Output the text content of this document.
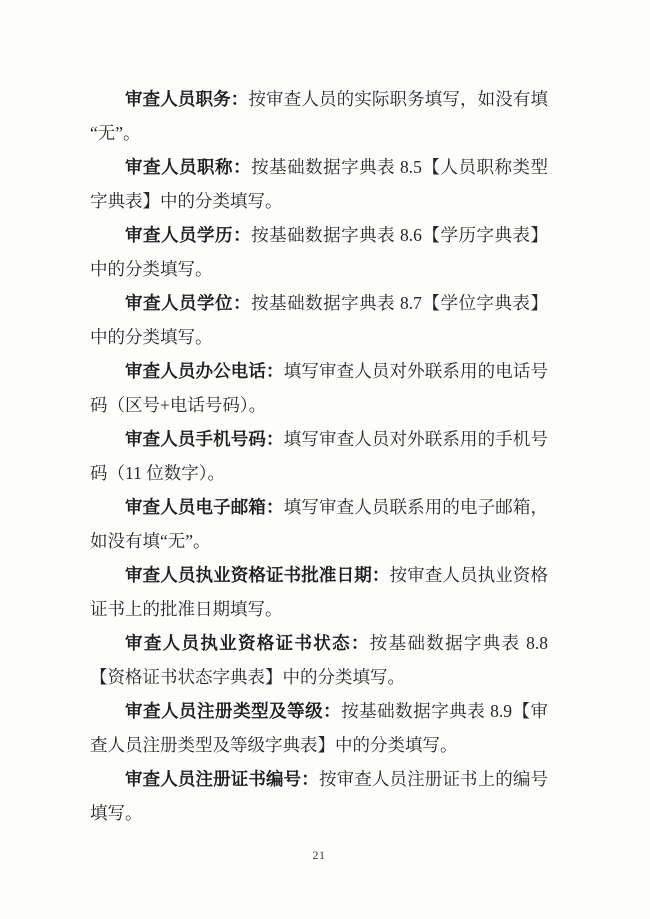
审查人员职务：按审查人员的实际职务填写，如没有填“无”。

审查人员职称：按基础数据字典表 8.5【人员职称类型字典表】中的分类填写。

审查人员学历：按基础数据字典表 8.6【学历字典表】中的分类填写。

审查人员学位：按基础数据字典表 8.7【学位字典表】中的分类填写。

审查人员办公电话：填写审查人员对外联系用的电话号码（区号+电话号码）。

审查人员手机号码：填写审查人员对外联系用的手机号码（11 位数字）。

审查人员电子邮箱：填写审查人员联系用的电子邮箱，如没有填“无”。

审查人员执业资格证书批准日期：按审查人员执业资格证书上的批准日期填写。

审查人员执业资格证书状态：按基础数据字典表 8.8【资格证书状态字典表】中的分类填写。

审查人员注册类型及等级：按基础数据字典表 8.9【审查人员注册类型及等级字典表】中的分类填写。

审查人员注册证书编号：按审查人员注册证书上的编号填写。

21
